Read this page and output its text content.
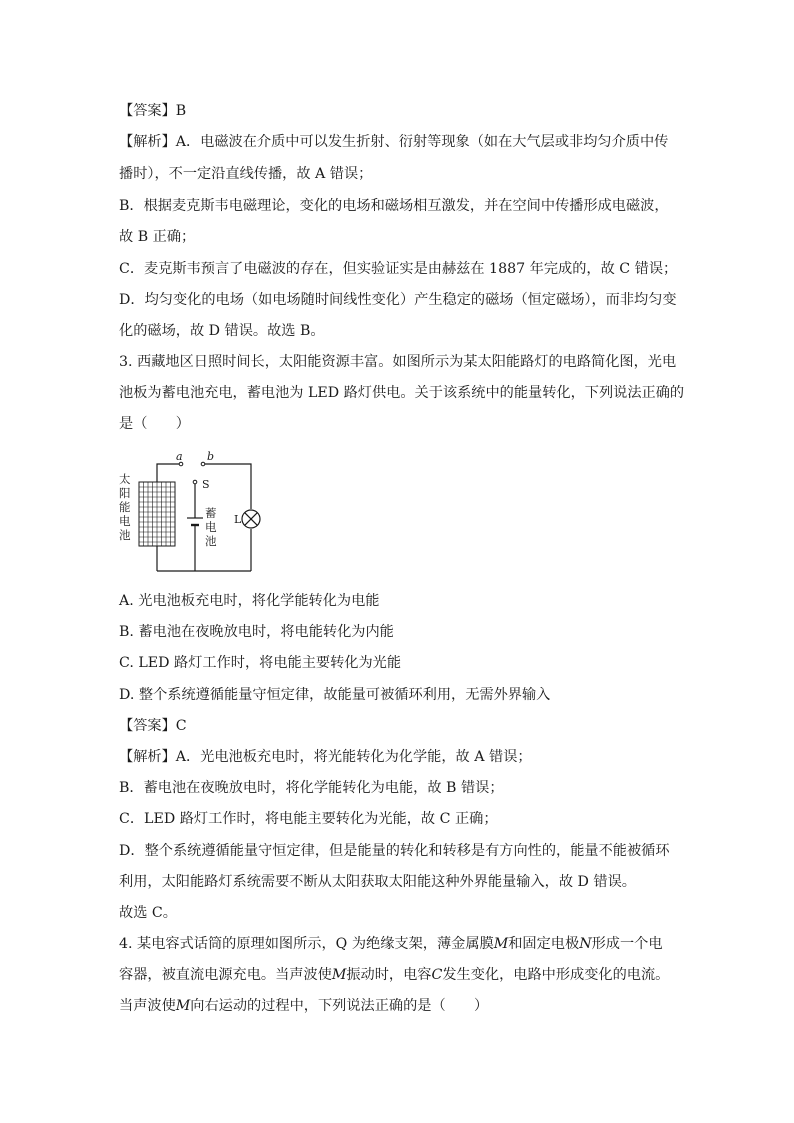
【答案】B
【解析】A．电磁波在介质中可以发生折射、衍射等现象（如在大气层或非均匀介质中传
播时），不一定沿直线传播，故 A 错误；
B．根据麦克斯韦电磁理论，变化的电场和磁场相互激发，并在空间中传播形成电磁波，
故 B 正确；
C．麦克斯韦预言了电磁波的存在，但实验证实是由赫兹在 1887 年完成的，故 C 错误；
D．均匀变化的电场（如电场随时间线性变化）产生稳定的磁场（恒定磁场），而非均匀变
化的磁场，故 D 错误。故选 B。
3. 西藏地区日照时间长，太阳能资源丰富。如图所示为某太阳能路灯的电路简化图，光电
池板为蓄电池充电，蓄电池为 LED 路灯供电。关于该系统中的能量转化，下列说法正确的
是（　　）
a b
S
L
太
阳
能
电
池
蓄
电
池
A. 光电池板充电时，将化学能转化为电能
B. 蓄电池在夜晚放电时，将电能转化为内能
C. LED 路灯工作时，将电能主要转化为光能
D. 整个系统遵循能量守恒定律，故能量可被循环利用，无需外界输入
【答案】C
【解析】A．光电池板充电时，将光能转化为化学能，故 A 错误；
B．蓄电池在夜晚放电时，将化学能转化为电能，故 B 错误；
C．LED 路灯工作时，将电能主要转化为光能，故 C 正确；
D．整个系统遵循能量守恒定律，但是能量的转化和转移是有方向性的，能量不能被循环
利用，太阳能路灯系统需要不断从太阳获取太阳能这种外界能量输入，故 D 错误。
故选 C。
4. 某电容式话筒的原理如图所示，Q 为绝缘支架，薄金属膜M和固定电极N形成一个电
容器，被直流电源充电。当声波使M振动时，电容C发生变化，电路中形成变化的电流。
当声波使M向右运动的过程中，下列说法正确的是（　　）
